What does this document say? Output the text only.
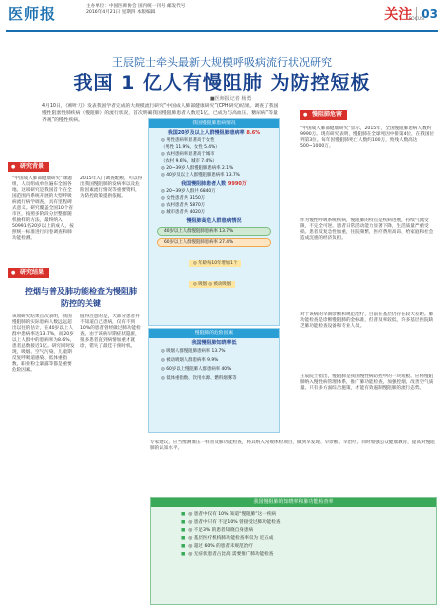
医师报	主办单位：中国医师协会 国内统一刊号 邮发代号
2016年4月21日 星期四 本版编辑	关注 03
FOCUS
王辰院士牵头最新大规模呼吸病流行状况研究
我国 1 亿人有慢阻肺 为防控短板
■医师报记者 杨勇
4月10日，《柳叶刀》发表我国学者完成的大规模流行研究“中国成人肺部健康研究”(CPH研究)结果。调查了我国慢性阻塞性肺疾病（慢阻肺）的流行状况，首次明确我国慢阻肺患者人数近1亿，已成为与高血压、糖尿病“等量齐观”的慢性疾病。
● 研究背景
“中国成人肺部健康研究”课题组，人员组成单位遍布全国各地。这项研究是我国首个在全国范围内系统开展的大型呼吸病流行病学调查，具有里程碑式意义。研究覆盖全国10个省市区，按照多阶段分层整群随机抽样的方法，最终纳入50991名20岁以上的成人，按照统一标准进行问卷调查和肺功能检测。
2015年入门调查配额，可以得出我国慢阻肺的发病率以及危险因素流行情况等重要资料，为防控政策提供依据。
● 研究结果
控烟与普及肺功能检查为慢阻肺防控的关键
该项研究结果首次表明，我国慢阻肺的实际患病人数远远超出以往的估计，在40岁以上人群中患病率达13.7%，而20岁以上人群中的患病率为8.6%，患者总数接近1亿。研究同时发现，吸烟、空气污染、儿童期反复呼吸道感染、低体重指数、职业粉尘暴露等都是重要危险因素。
值得注意的是，大部分患者并不知道自己患病，仅有不到10%的患者曾经做过肺功能检查。由于该病早期症状隐匿，很多患者直到病情加重才就诊，错失了最佳干预时机。
我国慢阻肺患病情况
我国20岁及以上人群慢阻肺患病率 8.6%
◎ 男性患病率显著高于女性
（男性 11.9%，女性 5.4%）
◎ 农村患病率显著高于城市
（农村 9.6%，城市 7.4%）
◎ 20~39岁人群慢阻肺患病率 2.1%
◎ 40岁及以上人群慢阻肺患病率 13.7%
我国慢阻肺患者人数 9990万
◎ 20~39岁人群共 6840万
◎ 女性患者共 3150万
◎ 农村患者共 5870万
◎ 城市患者共 4020万
慢阻肺高危人群患病情况
40岁以上人群慢阻肺患病率 13.7%
60岁以上人群慢阻肺患病率 27.4%
◎ 年龄每10年增加1个
◎ 吸烟 ◎ 被动吸烟
慢阻肺的危险因素
我国慢阻肺知晓率低
◎ 吸烟人群慢阻肺患病率 13.7%
◎ 被动吸烟人群患病率 9.9%
◎ 60岁以上慢阻肺人群患病率 40%
◎ 低体重指数、饮用水源、燃料烟雾等
● 慢阻肺危害
“中国成人肺部健康研究”显示，2015年，全国慢阻肺患病人数约9990万。现有研究表明，慢阻肺在全球死因中排第4位，在我国位列第3位。每年因慢阻肺死亡人数约100万，致残人数高达500~1000万。
作为慢性呼吸系统疾病，慢阻肺的特点是疾病进展，持续气流受限，不完全可逆。患者日常活动能力显著下降，生活质量严重受损。患者反复急性加重，住院频繁，医疗费用高昂，给家庭和社会造成沉重的经济负担。
对于该病的早期诊断和规范治疗，目前在基层仍存在较大差距。肺功能检查是诊断慢阻肺的金标准，但普及率较低，许多基层医院缺乏肺功能检查设备和专业人员。
王辰院士指出，慢阻肺是我国慢性病防控中的一块短板。应将慢阻肺纳入慢性病管理体系，推广肺功能检查，加强控烟，改善空气质量。只有多方面综合施策，才能有效遏制慢阻肺的流行态势。
专家建议，应当像测血压一样普及肺功能检查，将其纳入常规体检项目，做到早发现、早诊断、早治疗。同时加强公众健康教育，提高对慢阻肺的认知水平。
我国慢阻肺的知晓率和肺功能检查率
■ ◎ 患者中仅有 10% 知道“慢阻肺”这一疾病
■ ◎ 患者中只有 不足10% 曾接受过肺功能检查
■ ◎ 不足3% 的患者知晓自身患病
■ ◎ 基层医疗机构肺功能检查率仅为 近五成
■ ◎ 超过 60% 的患者未规范治疗
■ ◎ 无症状患者占比高 需要推广肺功能检查
